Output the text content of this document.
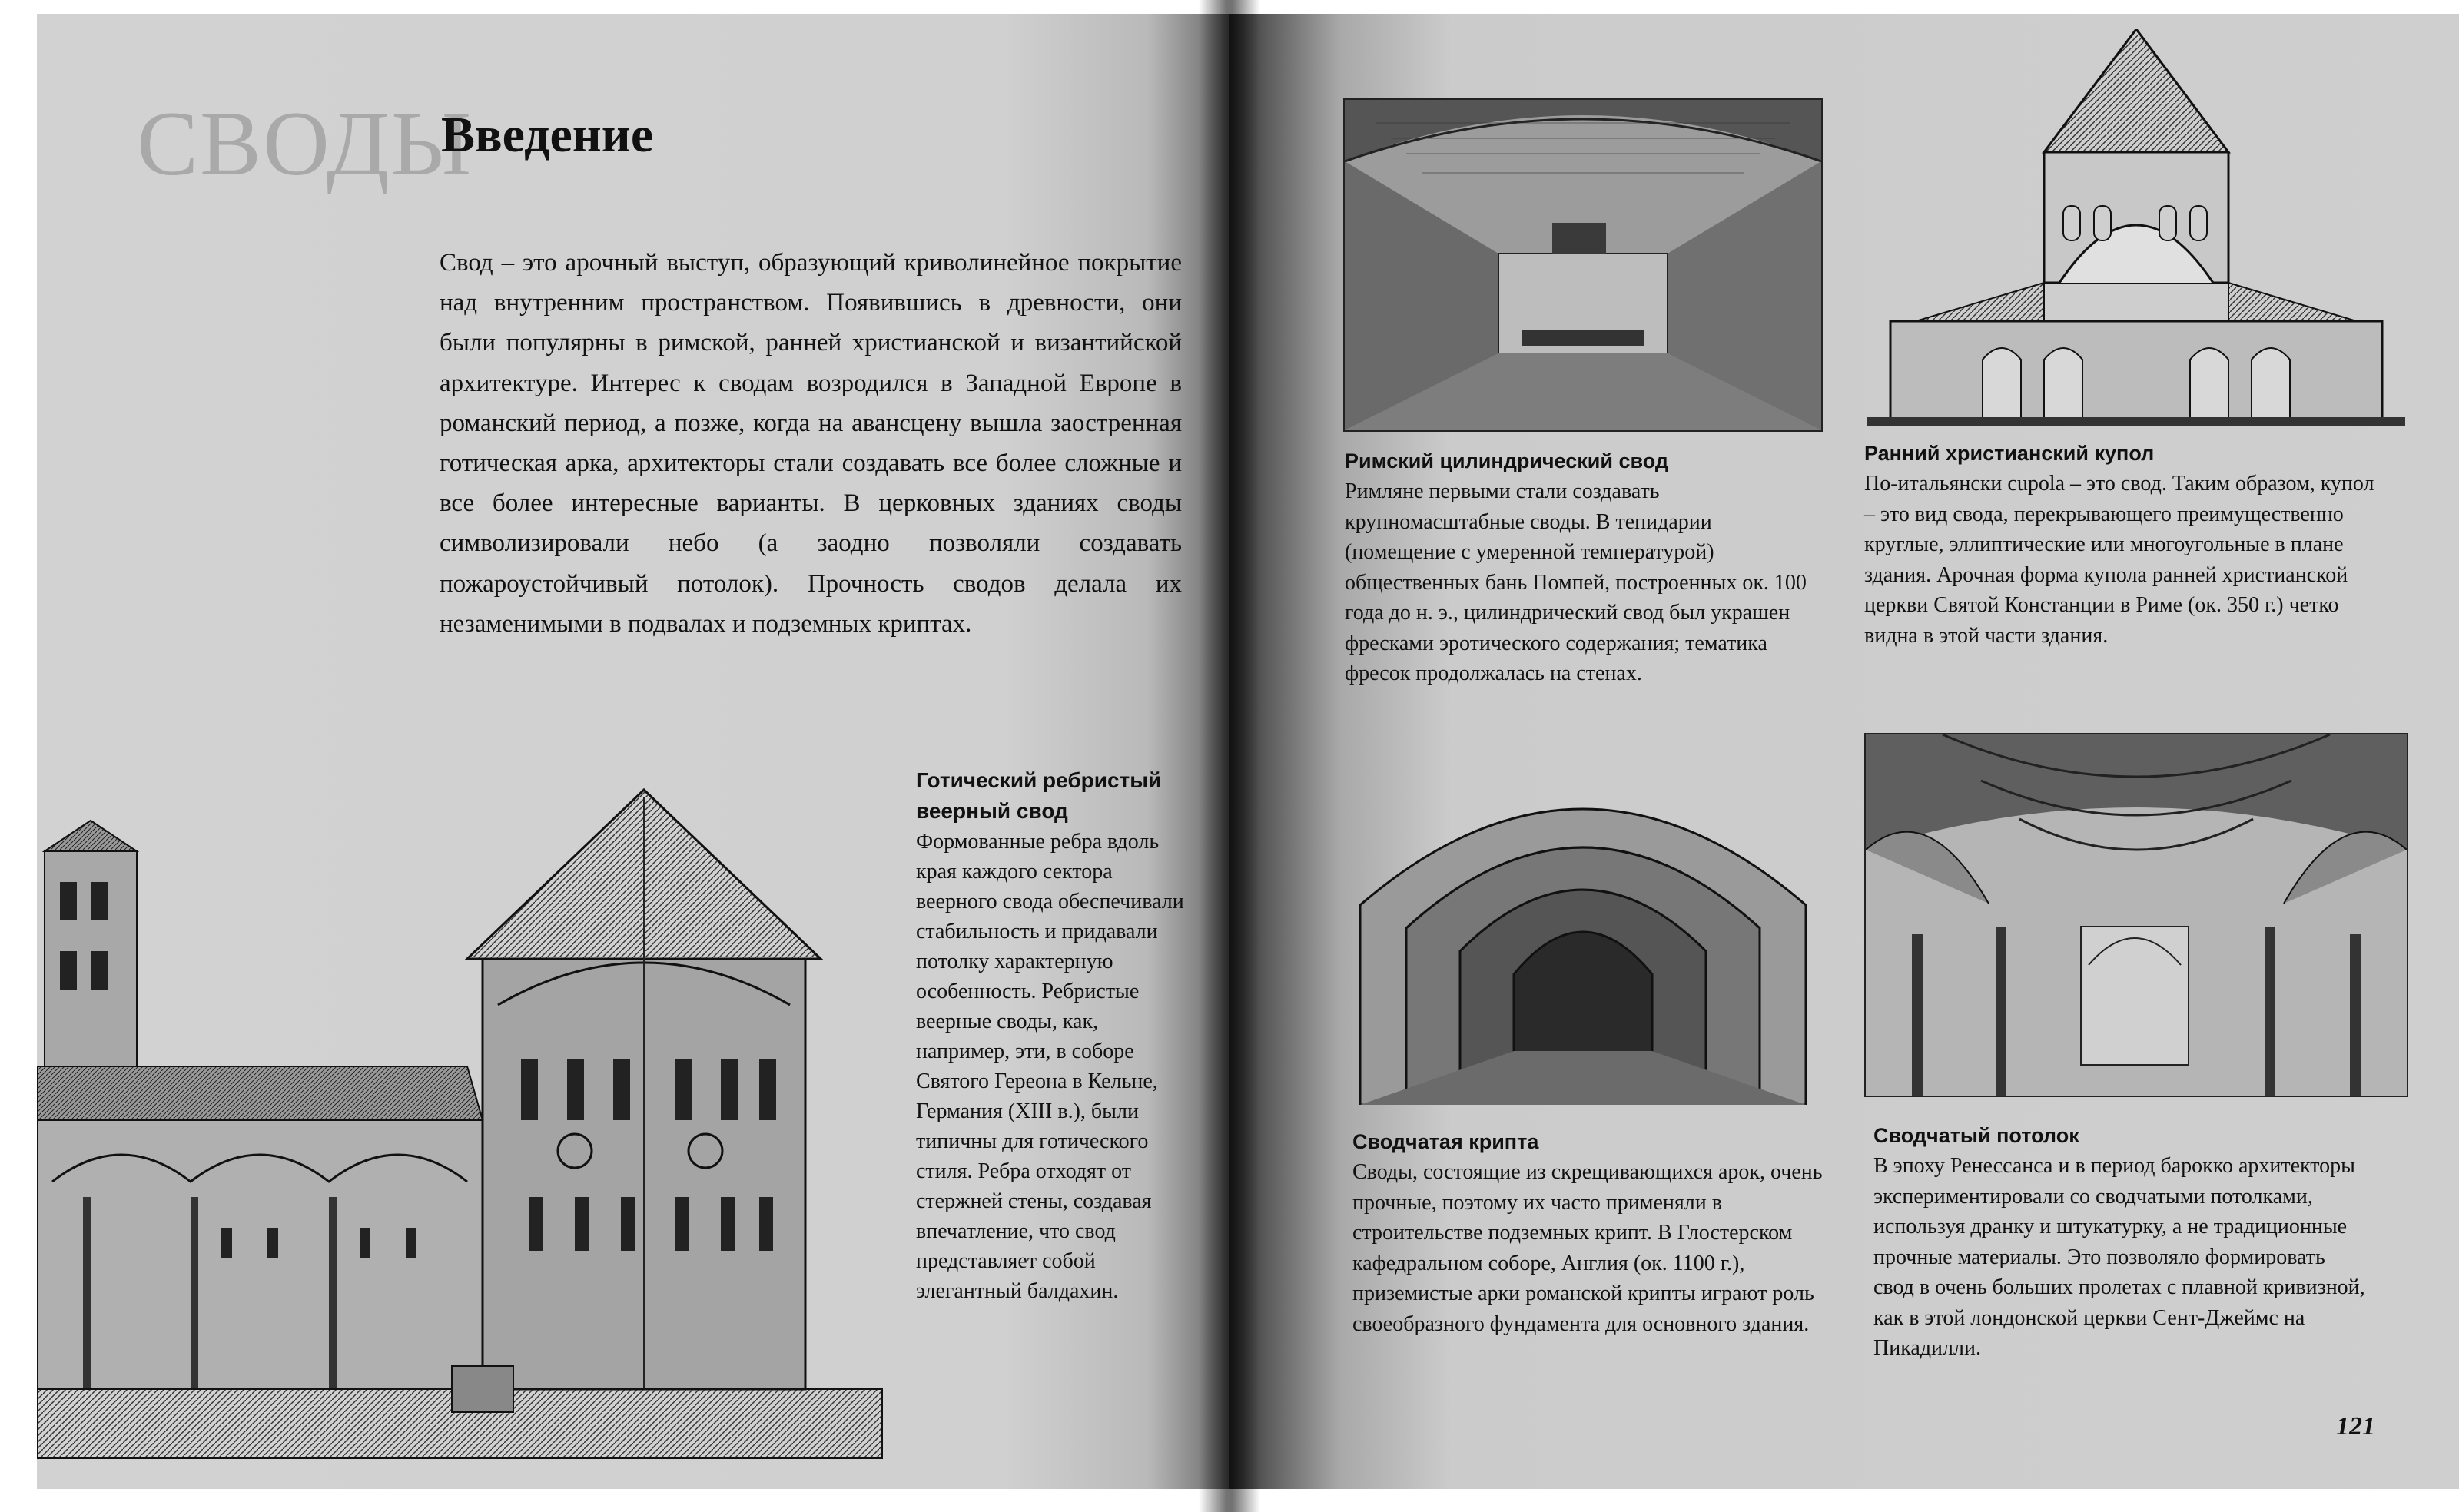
СВОДЫ
Введение
Свод – это арочный выступ, образующий криволинейное покрытие над внутренним пространством. Появившись в древности, они были популярны в римской, ранней христианской и византийской архитектуре. Интерес к сводам возродился в Западной Европе в романский период, а позже, когда на авансцену вышла заостренная готическая арка, архитекторы стали создавать все более сложные и все более интересные варианты. В церковных зданиях своды символизировали небо (а заодно позволяли создавать пожароустойчивый потолок). Прочность сводов делала их незаменимыми в подвалах и подземных криптах.
Готический ребристый веерный свод
Формованные ребра вдоль края каждого сектора веерного свода обеспечивали стабильность и придавали потолку характерную особенность. Ребристые веерные своды, как, например, эти, в соборе Святого Гереона в Кельне, Германия (XIII в.), были типичны для готического стиля. Ребра отходят от стержней стены, создавая впечатление, что свод представляет собой элегантный балдахин.
Римский цилиндрический свод
Римляне первыми стали создавать крупномасштабные своды. В тепидарии (помещение с умеренной температурой) общественных бань Помпей, построенных ок. 100 года до н. э., цилиндрический свод был украшен фресками эротического содержания; тематика фресок продолжалась на стенах.
Ранний христианский купол
По-итальянски cupola – это свод. Таким образом, купол – это вид свода, перекрывающего преимущественно круглые, эллиптические или многоугольные в плане здания. Арочная форма купола ранней христианской церкви Святой Констанции в Риме (ок. 350 г.) четко видна в этой части здания.
Сводчатая крипта
Своды, состоящие из скрещивающихся арок, очень прочные, поэтому их часто применяли в строительстве подземных крипт. В Глостерском кафедральном соборе, Англия (ок. 1100 г.), приземистые арки романской крипты играют роль своеобразного фундамента для основного здания.
Сводчатый потолок
В эпоху Ренессанса и в период барокко архитекторы экспериментировали со сводчатыми потолками, используя дранку и штукатурку, а не традиционные прочные материалы. Это позволяло формировать свод в очень больших пролетах с плавной кривизной, как в этой лондонской церкви Сент-Джеймс на Пикадилли.
121
